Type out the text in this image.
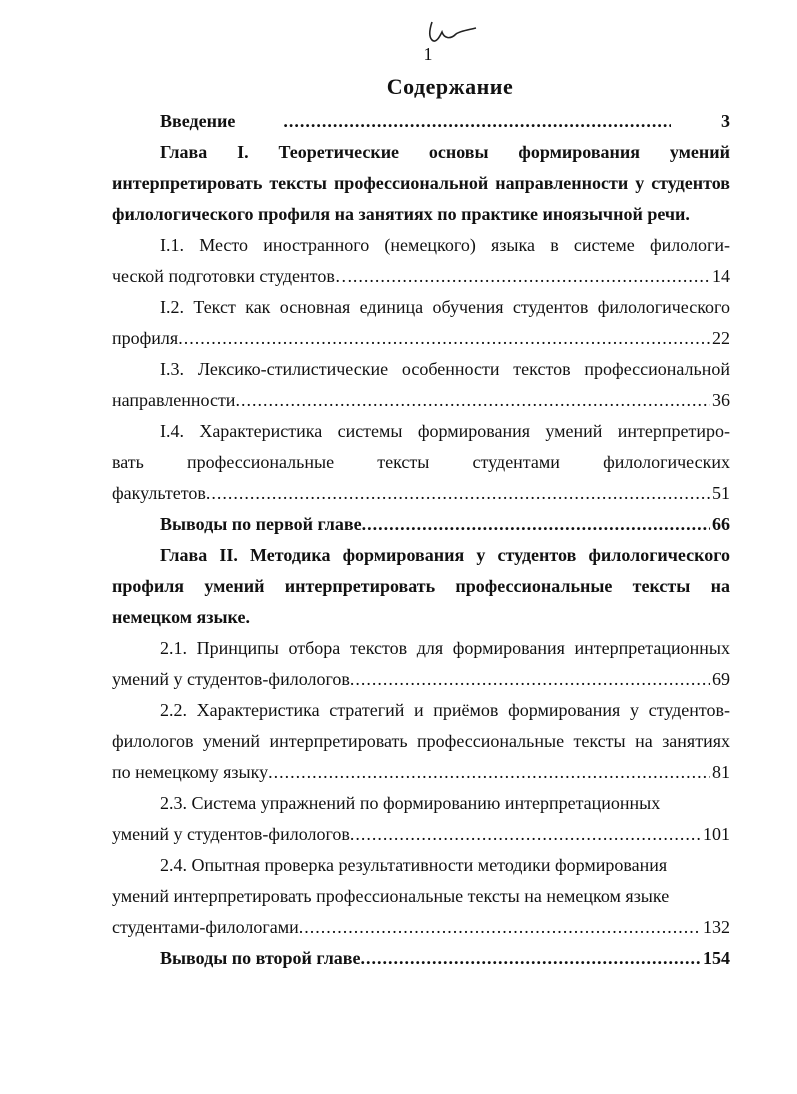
1
Содержание
Введение .....	3

Глава I. Теоретические основы формирования умений интерпретировать тексты профессиональной направленности у студентов филологического профиля на занятиях по практике иноязычной речи.

I.1. Место иностранного (немецкого) языка в системе филологи-

ческой подготовки студентов… .....	14

I.2. Текст как основная единица обучения студентов филологического

профиля .....	22

I.3. Лексико-стилистические особенности текстов профессиональной

направленности .....	36

I.4. Характеристика системы формирования умений интерпретиро-

вать профессиональные тексты студентами филологических

факультетов .....	51
Выводы по первой главе .....	66

Глава II. Методика формирования у студентов филологического профиля умений интерпретировать профессиональные тексты на немецком языке.

2.1. Принципы отбора текстов для формирования интерпретационных

умений у студентов-филологов .....	69

2.2. Характеристика стратегий и приёмов формирования у студентов-

филологов умений интерпретировать профессиональные тексты на занятиях

по немецкому языку .....	81

2.3. Система упражнений по формированию интерпретационных

умений у студентов-филологов .....	101

2.4. Опытная проверка результативности методики формирования

умений интерпретировать профессиональные тексты на немецком языке

студентами-филологами .....	132
Выводы по второй главе .....	154
